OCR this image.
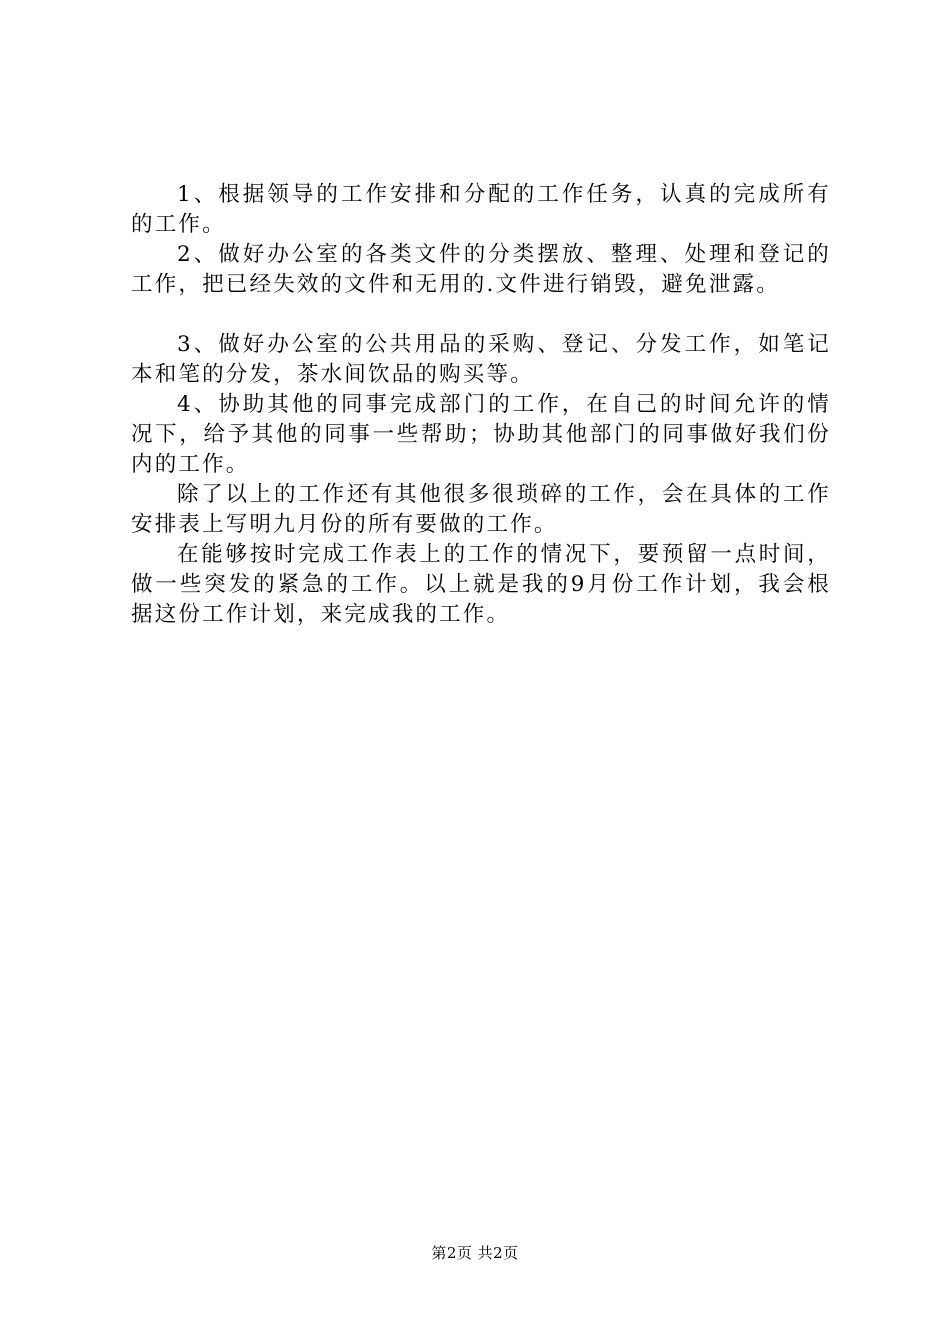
1、根据领导的工作安排和分配的工作任务，认真的完成所有的工作。

2、做好办公室的各类文件的分类摆放、整理、处理和登记的工作，把已经失效的文件和无用的.文件进行销毁，避免泄露。

3、做好办公室的公共用品的采购、登记、分发工作，如笔记本和笔的分发，茶水间饮品的购买等。

4、协助其他的同事完成部门的工作，在自己的时间允许的情况下，给予其他的同事一些帮助；协助其他部门的同事做好我们份内的工作。

除了以上的工作还有其他很多很琐碎的工作，会在具体的工作安排表上写明九月份的所有要做的工作。

在能够按时完成工作表上的工作的情况下，要预留一点时间，做一些突发的紧急的工作。以上就是我的9月份工作计划，我会根据这份工作计划，来完成我的工作。

第2页 共2页
